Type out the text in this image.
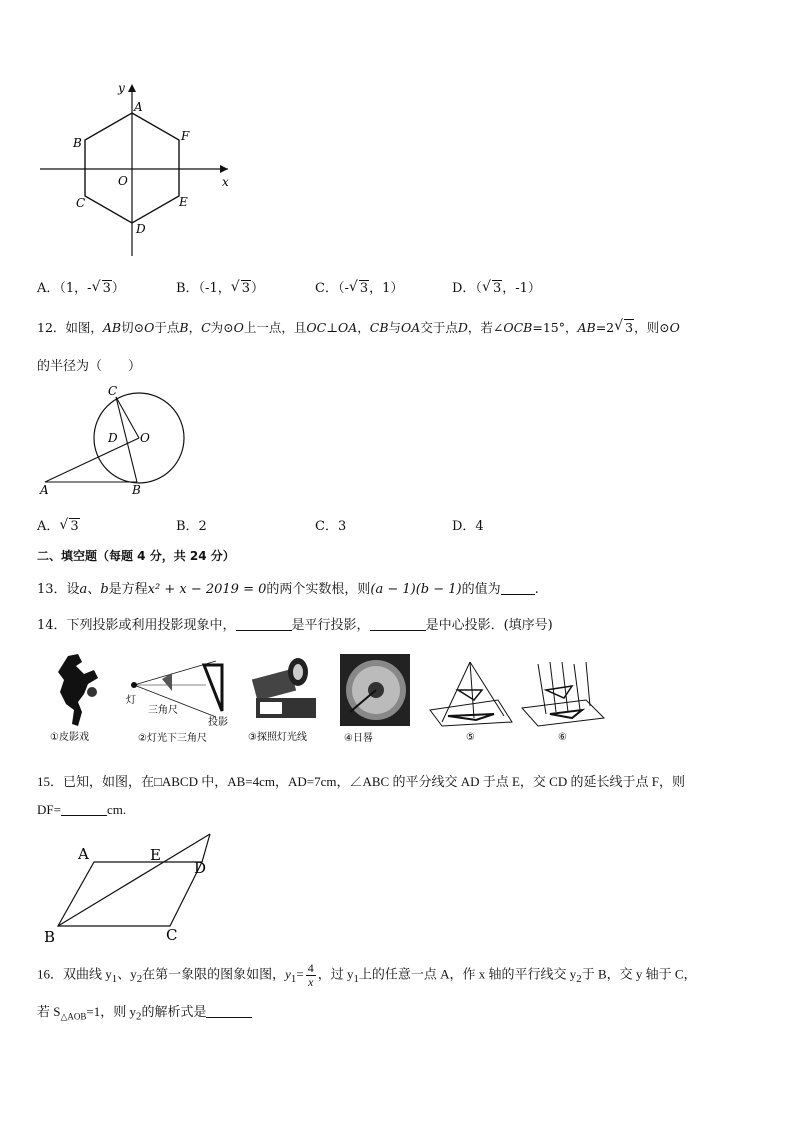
y
x
A
B
C
D
E
F
O
A．（1，- √ 3）	B．（-1， √ 3）	C．（- √ 3，1）	D．（ √ 3，-1）
12．如图，AB切⊙O于点B，C为⊙O上一点，且OC⊥OA，CB与OA交于点D，若∠OCB=15°，AB=2 √ 3，则⊙O
的半径为（　　）
C
D O
A	B
A． √ 3	B．2	C．3	D．4
二、填空题（每题 4 分，共 24 分）
13．设a、b是方程x² + x − 2019 = 0的两个实数根，则(a − 1)(b − 1)的值为	.
14．下列投影或利用投影现象中，	是平行投影，	是中心投影．(填序号)
①皮影戏
灯
三角尺
投影
②灯光下三角尺	③探照灯光线	④日晷	⑤	⑥
15．已知，如图，在□ABCD 中，AB=4cm，AD=7cm，∠ABC 的平分线交 AD 于点 E，交 CD 的延长线于点 F，则
DF=	cm.
A	E
D
B	C
16．双曲线 $y_1$、$y_2$在第一象限的图象如图，$y_1= \frac{4}{x}$ ，过 $y_1$上的任意一点 A，作 x 轴的平行线交 $y_2$于 B，交 y 轴于 C，
若 $S_{\triangle AOB}=1$，则 $y_2$的解析式是
